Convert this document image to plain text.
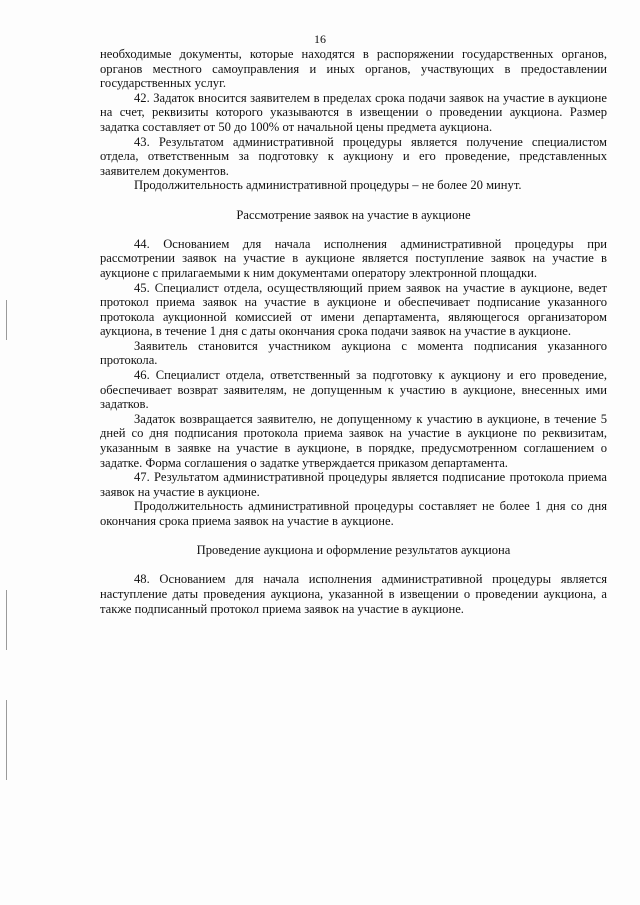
16

необходимые документы, которые находятся в распоряжении государственных органов, органов местного самоуправления и иных органов, участвующих в предоставлении государственных услуг.

42. Задаток вносится заявителем в пределах срока подачи заявок на участие в аукционе на счет, реквизиты которого указываются в извещении о проведении аукциона. Размер задатка составляет от 50 до 100% от начальной цены предмета аукциона.

43. Результатом административной процедуры является получение специалистом отдела, ответственным за подготовку к аукциону и его проведение, представленных заявителем документов.

Продолжительность административной процедуры – не более 20 минут.

Рассмотрение заявок на участие в аукционе

44. Основанием для начала исполнения административной процедуры при рассмотрении заявок на участие в аукционе является поступление заявок на участие в аукционе с прилагаемыми к ним документами оператору электронной площадки.

45. Специалист отдела, осуществляющий прием заявок на участие в аукционе, ведет протокол приема заявок на участие в аукционе и обеспечивает подписание указанного протокола аукционной комиссией от имени департамента, являющегося организатором аукциона, в течение 1 дня с даты окончания срока подачи заявок на участие в аукционе.

Заявитель становится участником аукциона с момента подписания указанного протокола.

46. Специалист отдела, ответственный за подготовку к аукциону и его проведение, обеспечивает возврат заявителям, не допущенным к участию в аукционе, внесенных ими задатков.

Задаток возвращается заявителю, не допущенному к участию в аукционе, в течение 5 дней со дня подписания протокола приема заявок на участие в аукционе по реквизитам, указанным в заявке на участие в аукционе, в порядке, предусмотренном соглашением о задатке. Форма соглашения о задатке утверждается приказом департамента.

47. Результатом административной процедуры является подписание протокола приема заявок на участие в аукционе.

Продолжительность административной процедуры составляет не более 1 дня со дня окончания срока приема заявок на участие в аукционе.

Проведение аукциона и оформление результатов аукциона

48. Основанием для начала исполнения административной процедуры является наступление даты проведения аукциона, указанной в извещении о проведении аукциона, а также подписанный протокол приема заявок на участие в аукционе.
